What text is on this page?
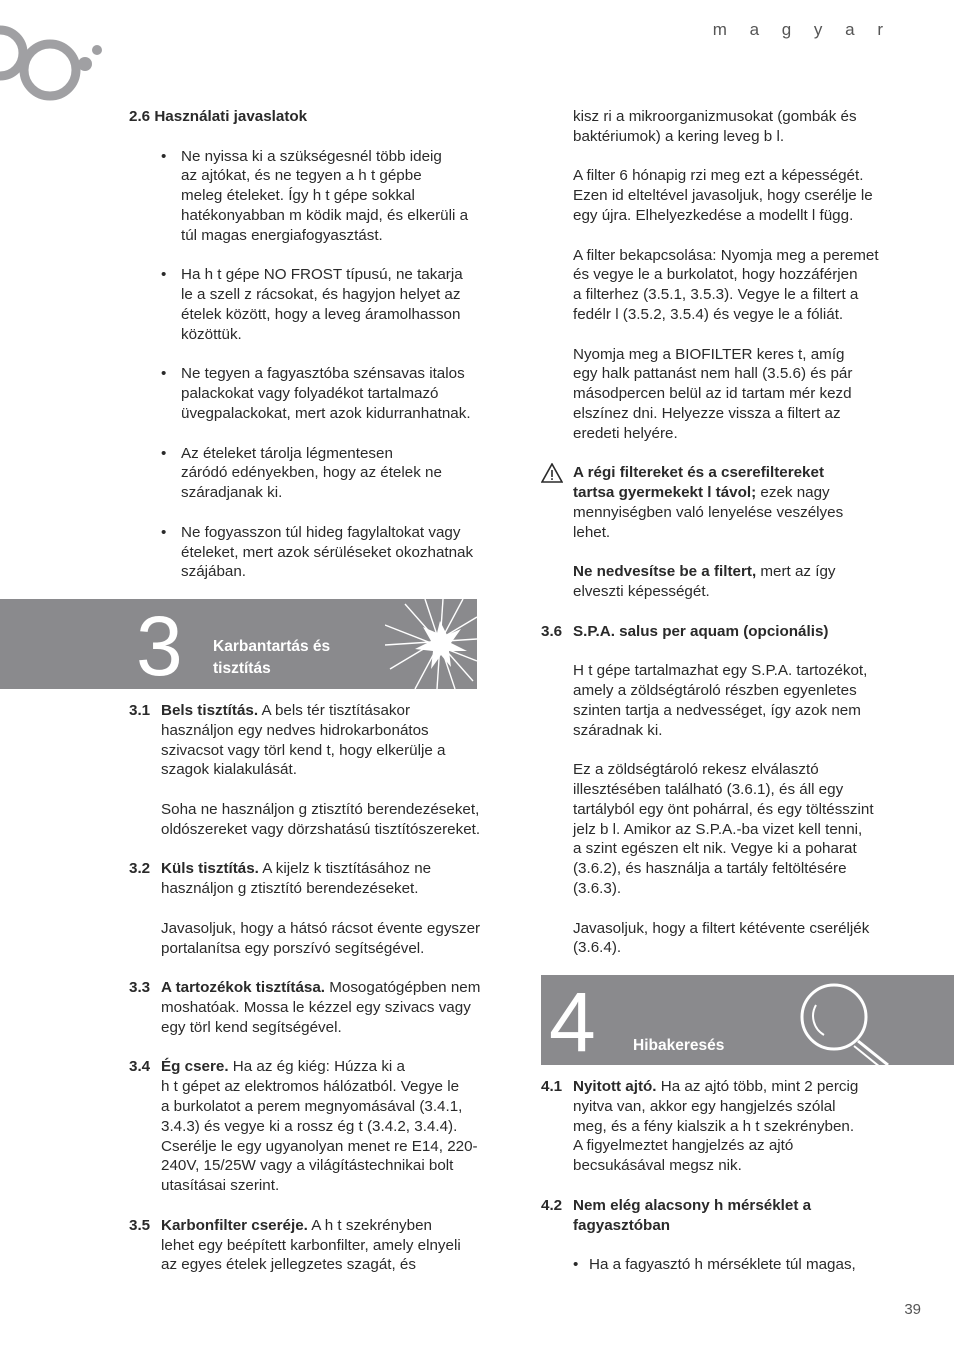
m a g y a r

2.6 Használati javaslatok

• Ne nyissa ki a szükségesnél több ideig

az ajtókat, és ne tegyen a h t gépbe

meleg ételeket. Így h t gépe sokkal

hatékonyabban m ködik majd, és elkerüli a

túl magas energiafogyasztást.

• Ha h t gépe NO FROST típusú, ne takarja

le a szell z rácsokat, és hagyjon helyet az

ételek között, hogy a leveg áramolhasson

közöttük.

• Ne tegyen a fagyasztóba szénsavas italos

palackokat vagy folyadékot tartalmazó

üvegpalackokat, mert azok kidurranhatnak.

• Az ételeket tárolja légmentesen

záródó edényekben, hogy az ételek ne

száradjanak ki.

• Ne fogyasszon túl hideg fagylaltokat vagy

ételeket, mert azok sérüléseket okozhatnak

szájában.

3 Karbantartás és
tisztítás
3.1 Bels tisztítás. A bels tér tisztításakor

használjon egy nedves hidrokarbonátos

szivacsot vagy törl kend t, hogy elkerülje a

szagok kialakulását.

Soha ne használjon g ztisztító berendezéseket,

oldószereket vagy dörzshatású tisztítószereket.

3.2 Küls tisztítás. A kijelz k tisztításához ne

használjon g ztisztító berendezéseket.

Javasoljuk, hogy a hátsó rácsot évente egyszer

portalanítsa egy porszívó segítségével.

3.3 A tartozékok tisztítása. Mosogatógépben nem

moshatóak. Mossa le kézzel egy szivacs vagy

egy törl kend segítségével.

3.4 Ég csere. Ha az ég kiég: Húzza ki a

h t gépet az elektromos hálózatból. Vegye le

a burkolatot a perem megnyomásával (3.4.1,

3.4.3) és vegye ki a rossz ég t (3.4.2, 3.4.4).

Cserélje le egy ugyanolyan menet re E14, 220-

240V, 15/25W vagy a világítástechnikai bolt

utasításai szerint.

3.5 Karbonfilter cseréje. A h t szekrényben

lehet egy beépített karbonfilter, amely elnyeli

az egyes ételek jellegzetes szagát, és

kisz ri a mikroorganizmusokat (gombák és

baktériumok) a kering leveg b l.

A filter 6 hónapig rzi meg ezt a képességét.

Ezen id elteltével javasoljuk, hogy cserélje le

egy újra. Elhelyezkedése a modellt l függ.

A filter bekapcsolása: Nyomja meg a peremet

és vegye le a burkolatot, hogy hozzáférjen

a filterhez (3.5.1, 3.5.3). Vegye le a filtert a

fedélr l (3.5.2, 3.5.4) és vegye le a fóliát.

Nyomja meg a BIOFILTER keres t, amíg

egy halk pattanást nem hall (3.5.6) és pár

másodpercen belül az id tartam mér kezd

elszínez dni. Helyezze vissza a filtert az

eredeti helyére.

A régi filtereket és a cserefiltereket

tartsa gyermekekt l távol; ezek nagy

mennyiségben való lenyelése veszélyes

lehet.

Ne nedvesítse be a filtert, mert az így

elveszti képességét.

3.6 S.P.A. salus per aquam (opcionális)

H t gépe tartalmazhat egy S.P.A. tartozékot,

amely a zöldségtároló részben egyenletes

szinten tartja a nedvességet, így azok nem

száradnak ki.

Ez a zöldségtároló rekesz elválasztó

illesztésében található (3.6.1), és áll egy

tartályból egy önt pohárral, és egy töltésszint

jelz b l. Amikor az S.P.A.-ba vizet kell tenni,

a szint egészen elt nik. Vegye ki a poharat

(3.6.2), és használja a tartály feltöltésére

(3.6.3).

Javasoljuk, hogy a filtert kétévente cseréljék

(3.6.4).

4 Hibakeresés
4.1 Nyitott ajtó. Ha az ajtó több, mint 2 percig

nyitva van, akkor egy hangjelzés szólal

meg, és a fény kialszik a h t szekrényben.

A figyelmeztet hangjelzés az ajtó

becsukásával megsz nik.

4.2 Nem elég alacsony h mérséklet a

fagyasztóban

• Ha a fagyasztó h mérséklete túl magas,

39
